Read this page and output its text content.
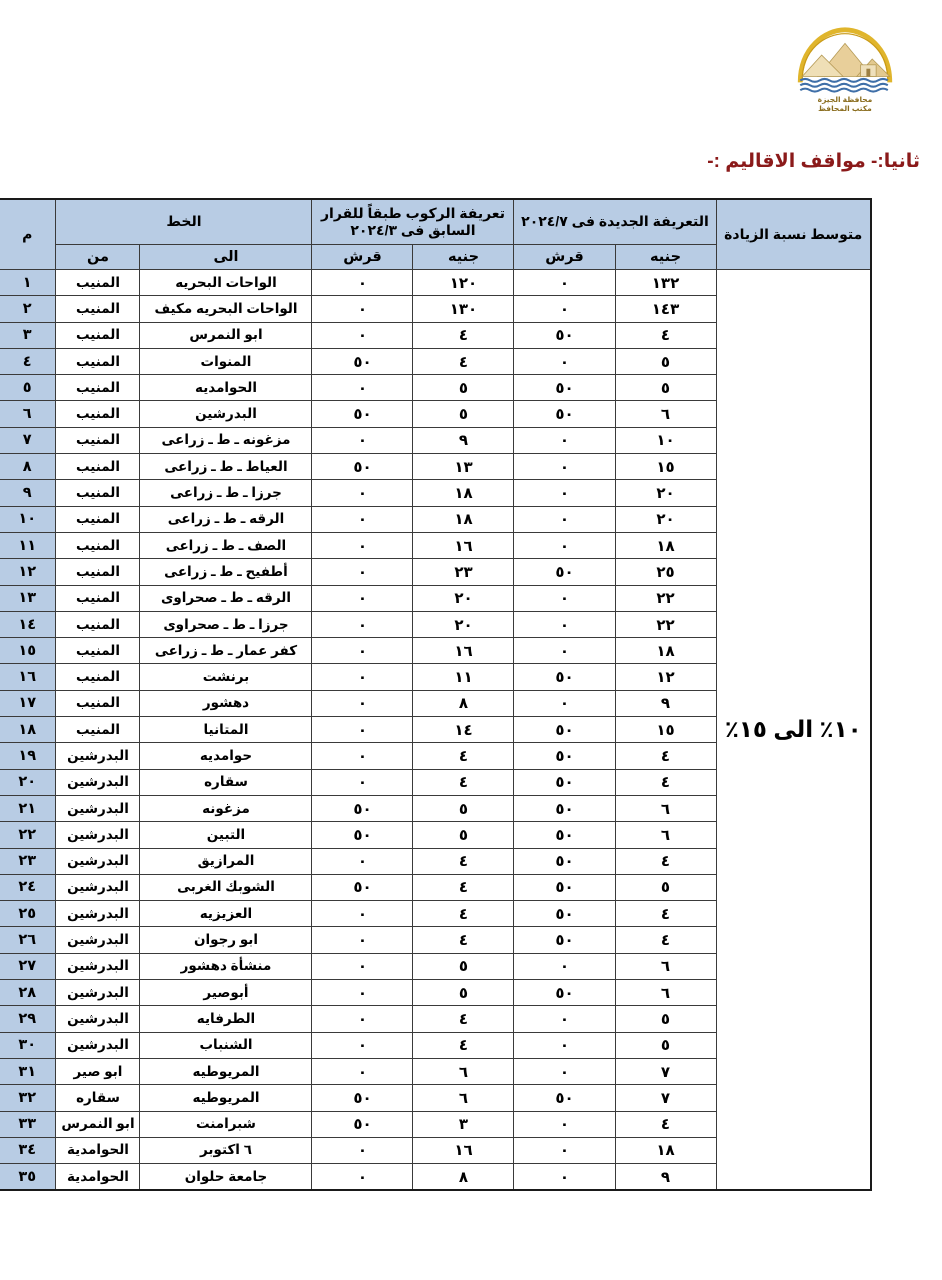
محافظة الجيزة
مكتب المحافظ
ثانيا:- مواقف الاقاليم :-
متوسط نسبة الزيادة	التعريفة الجديدة فى ٢٠٢٤/٧		تعريفة الركوب طبقاً للقرار السابق فى ٢٠٢٤/٣		الخط		م
	جنيه	قرش	جنيه	قرش	الى	من	

١٠٪ الى ١٥٪	١٣٢	٠	١٢٠	٠	الواحات البحريه	المنيب	١
	١٤٣	٠	١٣٠	٠	الواحات البحريه مكيف	المنيب	٢
	٤	٥٠	٤	٠	ابو النمرس	المنيب	٣
	٥	٠	٤	٥٠	المنوات	المنيب	٤
	٥	٥٠	٥	٠	الحوامديه	المنيب	٥
	٦	٥٠	٥	٥٠	البدرشين	المنيب	٦
	١٠	٠	٩	٠	مزغونه ـ ط ـ زراعى	المنيب	٧
	١٥	٠	١٣	٥٠	العياط ـ ط ـ زراعى	المنيب	٨
	٢٠	٠	١٨	٠	جرزا ـ ط ـ زراعى	المنيب	٩
	٢٠	٠	١٨	٠	الرقه ـ ط ـ زراعى	المنيب	١٠
	١٨	٠	١٦	٠	الصف ـ ط ـ زراعى	المنيب	١١
	٢٥	٥٠	٢٣	٠	أطفيح ـ ط ـ زراعى	المنيب	١٢
	٢٢	٠	٢٠	٠	الرقه ـ ط ـ صحراوى	المنيب	١٣
	٢٢	٠	٢٠	٠	جرزا ـ ط ـ صحراوى	المنيب	١٤
	١٨	٠	١٦	٠	كفر عمار ـ ط ـ زراعى	المنيب	١٥
	١٢	٥٠	١١	٠	برنشت	المنيب	١٦
	٩	٠	٨	٠	دهشور	المنيب	١٧
	١٥	٥٠	١٤	٠	المتانيا	المنيب	١٨
	٤	٥٠	٤	٠	حوامديه	البدرشين	١٩
	٤	٥٠	٤	٠	سقاره	البدرشين	٢٠
	٦	٥٠	٥	٥٠	مزغونه	البدرشين	٢١
	٦	٥٠	٥	٥٠	التبين	البدرشين	٢٢
	٤	٥٠	٤	٠	المرازيق	البدرشين	٢٣
	٥	٥٠	٤	٥٠	الشوبك الغربى	البدرشين	٢٤
	٤	٥٠	٤	٠	العزيزيه	البدرشين	٢٥
	٤	٥٠	٤	٠	ابو رجوان	البدرشين	٢٦
	٦	٠	٥	٠	منشأة دهشور	البدرشين	٢٧
	٦	٥٠	٥	٠	أبوصير	البدرشين	٢٨
	٥	٠	٤	٠	الطرفايه	البدرشين	٢٩
	٥	٠	٤	٠	الشنباب	البدرشين	٣٠
	٧	٠	٦	٠	المريوطيه	ابو صير	٣١
	٧	٥٠	٦	٥٠	المريوطيه	سقاره	٣٢
	٤	٠	٣	٥٠	شبرامنت	ابو النمرس	٣٣
	١٨	٠	١٦	٠	٦ اكتوبر	الحوامدية	٣٤
	٩	٠	٨	٠	جامعة حلوان	الحوامدية	٣٥
